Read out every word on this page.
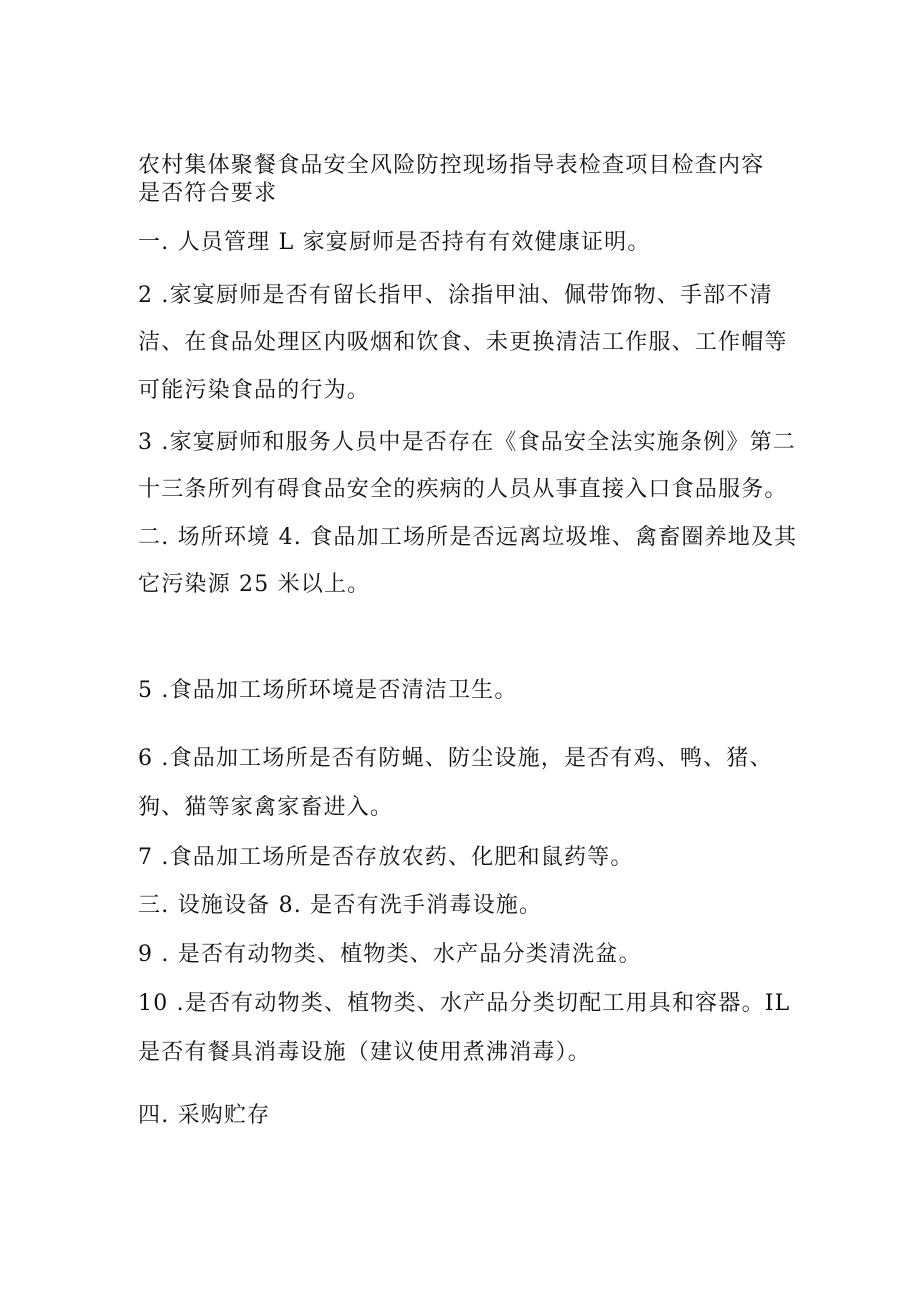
农村集体聚餐食品安全风险防控现场指导表检查项目检查内容
是否符合要求
一. 人员管理 L 家宴厨师是否持有有效健康证明。
2 .家宴厨师是否有留长指甲、涂指甲油、佩带饰物、手部不清
洁、在食品处理区内吸烟和饮食、未更换清洁工作服、工作帽等
可能污染食品的行为。
3 .家宴厨师和服务人员中是否存在《食品安全法实施条例》第二
十三条所列有碍食品安全的疾病的人员从事直接入口食品服务。
二. 场所环境 4. 食品加工场所是否远离垃圾堆、禽畜圈养地及其
它污染源 25 米以上。
5 .食品加工场所环境是否清洁卫生。
6 .食品加工场所是否有防蝇、防尘设施，是否有鸡、鸭、猪、
狗、猫等家禽家畜进入。
7 .食品加工场所是否存放农药、化肥和鼠药等。
三. 设施设备 8. 是否有洗手消毒设施。
9 . 是否有动物类、植物类、水产品分类清洗盆。
10 .是否有动物类、植物类、水产品分类切配工用具和容器。IL
是否有餐具消毒设施（建议使用煮沸消毒）。
四. 采购贮存
